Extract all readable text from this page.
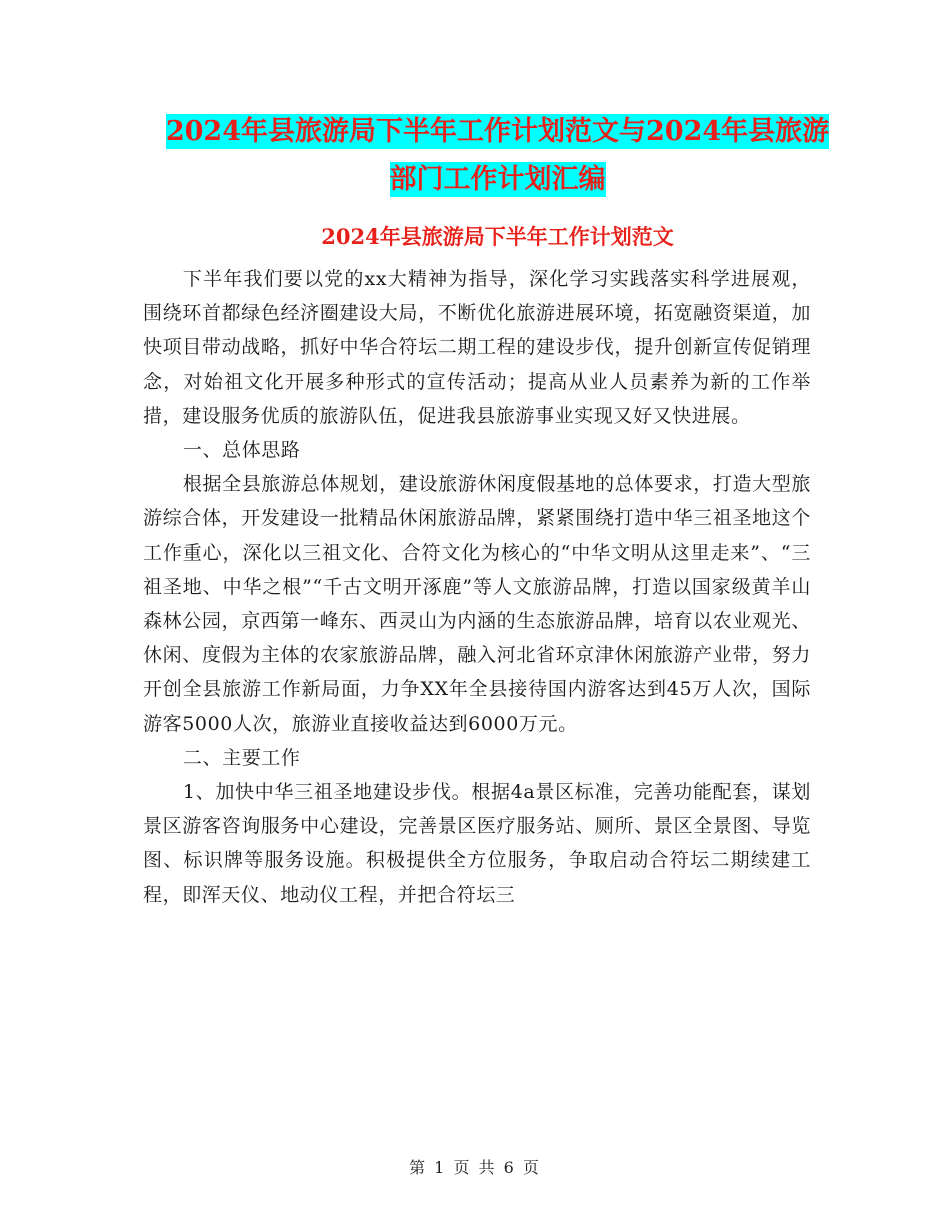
2024年县旅游局下半年工作计划范文与2024年县旅游
部门工作计划汇编
2024年县旅游局下半年工作计划范文

下半年我们要以党的xx大精神为指导，深化学习实践落实科学进展观，围绕环首都绿色经济圈建设大局，不断优化旅游进展环境，拓宽融资渠道，加快项目带动战略，抓好中华合符坛二期工程的建设步伐，提升创新宣传促销理念，对始祖文化开展多种形式的宣传活动；提高从业人员素养为新的工作举措，建设服务优质的旅游队伍，促进我县旅游事业实现又好又快进展。

一、总体思路

根据全县旅游总体规划，建设旅游休闲度假基地的总体要求，打造大型旅游综合体，开发建设一批精品休闲旅游品牌，紧紧围绕打造中华三祖圣地这个工作重心，深化以三祖文化、合符文化为核心的“中华文明从这里走来”、“三祖圣地、中华之根”“千古文明开涿鹿”等人文旅游品牌，打造以国家级黄羊山森林公园，京西第一峰东、西灵山为内涵的生态旅游品牌，培育以农业观光、休闲、度假为主体的农家旅游品牌，融入河北省环京津休闲旅游产业带，努力开创全县旅游工作新局面，力争XX年全县接待国内游客达到45万人次，国际游客5000人次，旅游业直接收益达到6000万元。

二、主要工作

1、加快中华三祖圣地建设步伐。根据4a景区标准，完善功能配套，谋划景区游客咨询服务中心建设，完善景区医疗服务站、厕所、景区全景图、导览图、标识牌等服务设施。积极提供全方位服务，争取启动合符坛二期续建工程，即浑天仪、地动仪工程，并把合符坛三

第 1 页 共 6 页
